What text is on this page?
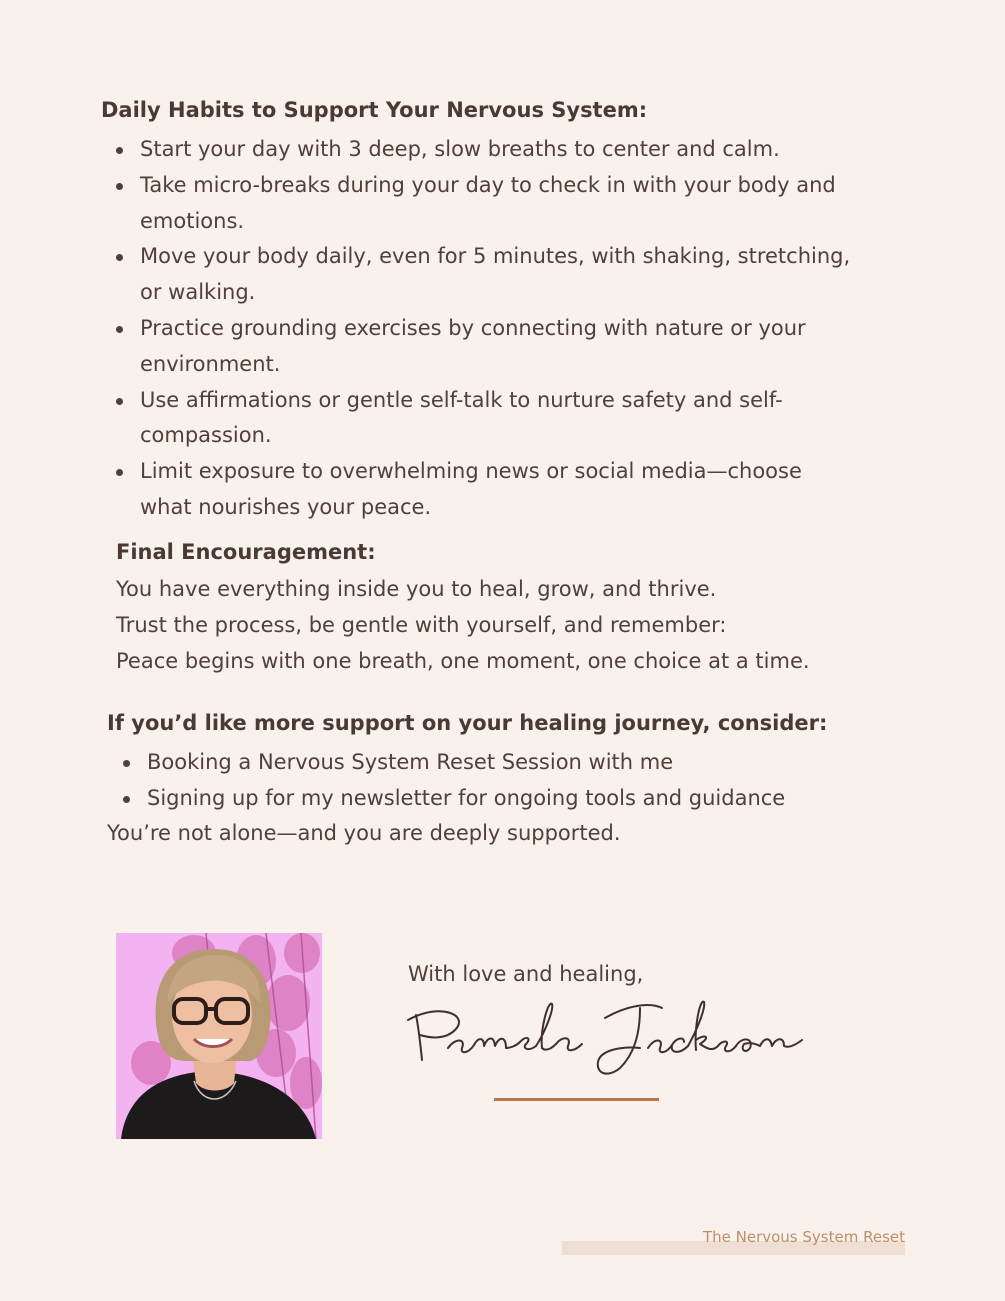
Daily Habits to Support Your Nervous System:
Start your day with 3 deep, slow breaths to center and calm.
Take micro-breaks during your day to check in with your body and
emotions.
Move your body daily, even for 5 minutes, with shaking, stretching,
or walking.
Practice grounding exercises by connecting with nature or your
environment.
Use affirmations or gentle self-talk to nurture safety and self-
compassion.
Limit exposure to overwhelming news or social media—choose
what nourishes your peace.
Final Encouragement:
You have everything inside you to heal, grow, and thrive.
Trust the process, be gentle with yourself, and remember:
Peace begins with one breath, one moment, one choice at a time.
If you’d like more support on your healing journey, consider:
Booking a Nervous System Reset Session with me
Signing up for my newsletter for ongoing tools and guidance
You’re not alone—and you are deeply supported.
With love and healing,
The Nervous System Reset
